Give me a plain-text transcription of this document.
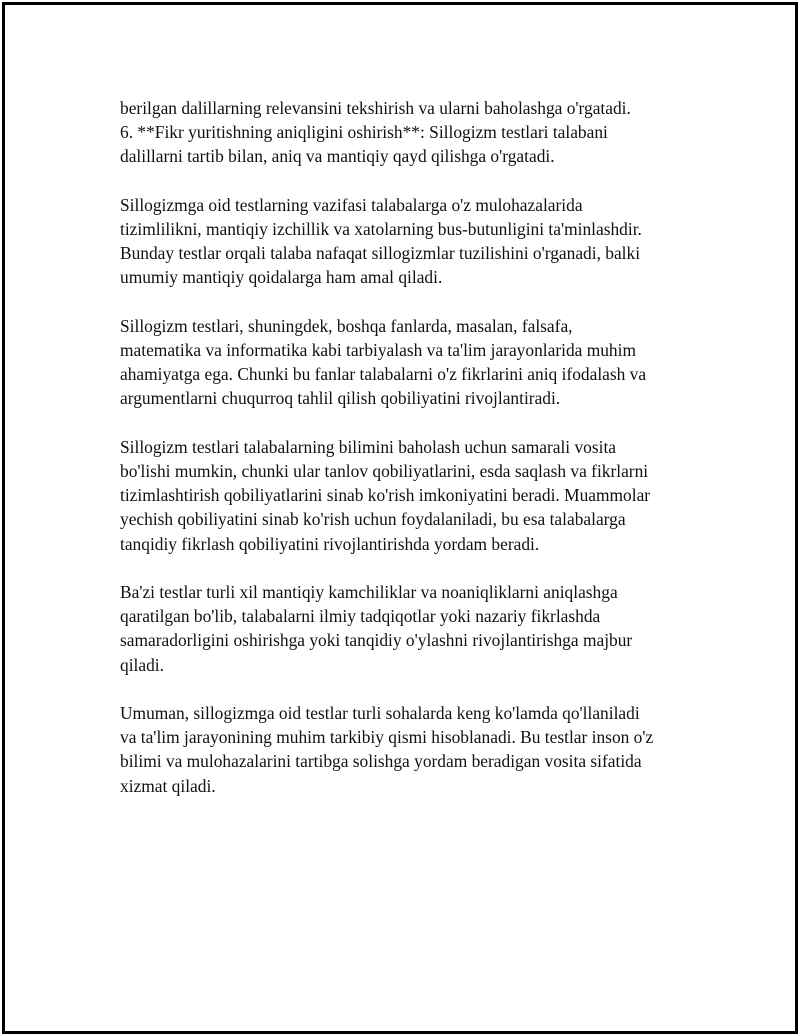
berilgan dalillarning relevansini tekshirish va ularni baholashga o'rgatadi.
6. **Fikr yuritishning aniqligini oshirish**: Sillogizm testlari talabani
dalillarni tartib bilan, aniq va mantiqiy qayd qilishga o'rgatadi.

Sillogizmga oid testlarning vazifasi talabalarga o'z mulohazalarida
tizimlilikni, mantiqiy izchillik va xatolarning bus-butunligini ta'minlashdir.
Bunday testlar orqali talaba nafaqat sillogizmlar tuzilishini o'rganadi, balki
umumiy mantiqiy qoidalarga ham amal qiladi.

Sillogizm testlari, shuningdek, boshqa fanlarda, masalan, falsafa,
matematika va informatika kabi tarbiyalash va ta'lim jarayonlarida muhim
ahamiyatga ega. Chunki bu fanlar talabalarni o'z fikrlarini aniq ifodalash va
argumentlarni chuqurroq tahlil qilish qobiliyatini rivojlantiradi.

Sillogizm testlari talabalarning bilimini baholash uchun samarali vosita
bo'lishi mumkin, chunki ular tanlov qobiliyatlarini, esda saqlash va fikrlarni
tizimlashtirish qobiliyatlarini sinab ko'rish imkoniyatini beradi. Muammolar
yechish qobiliyatini sinab ko'rish uchun foydalaniladi, bu esa talabalarga
tanqidiy fikrlash qobiliyatini rivojlantirishda yordam beradi.

Ba'zi testlar turli xil mantiqiy kamchiliklar va noaniqliklarni aniqlashga
qaratilgan bo'lib, talabalarni ilmiy tadqiqotlar yoki nazariy fikrlashda
samaradorligini oshirishga yoki tanqidiy o'ylashni rivojlantirishga majbur
qiladi.

Umuman, sillogizmga oid testlar turli sohalarda keng ko'lamda qo'llaniladi
va ta'lim jarayonining muhim tarkibiy qismi hisoblanadi. Bu testlar inson o'z
bilimi va mulohazalarini tartibga solishga yordam beradigan vosita sifatida
xizmat qiladi.
